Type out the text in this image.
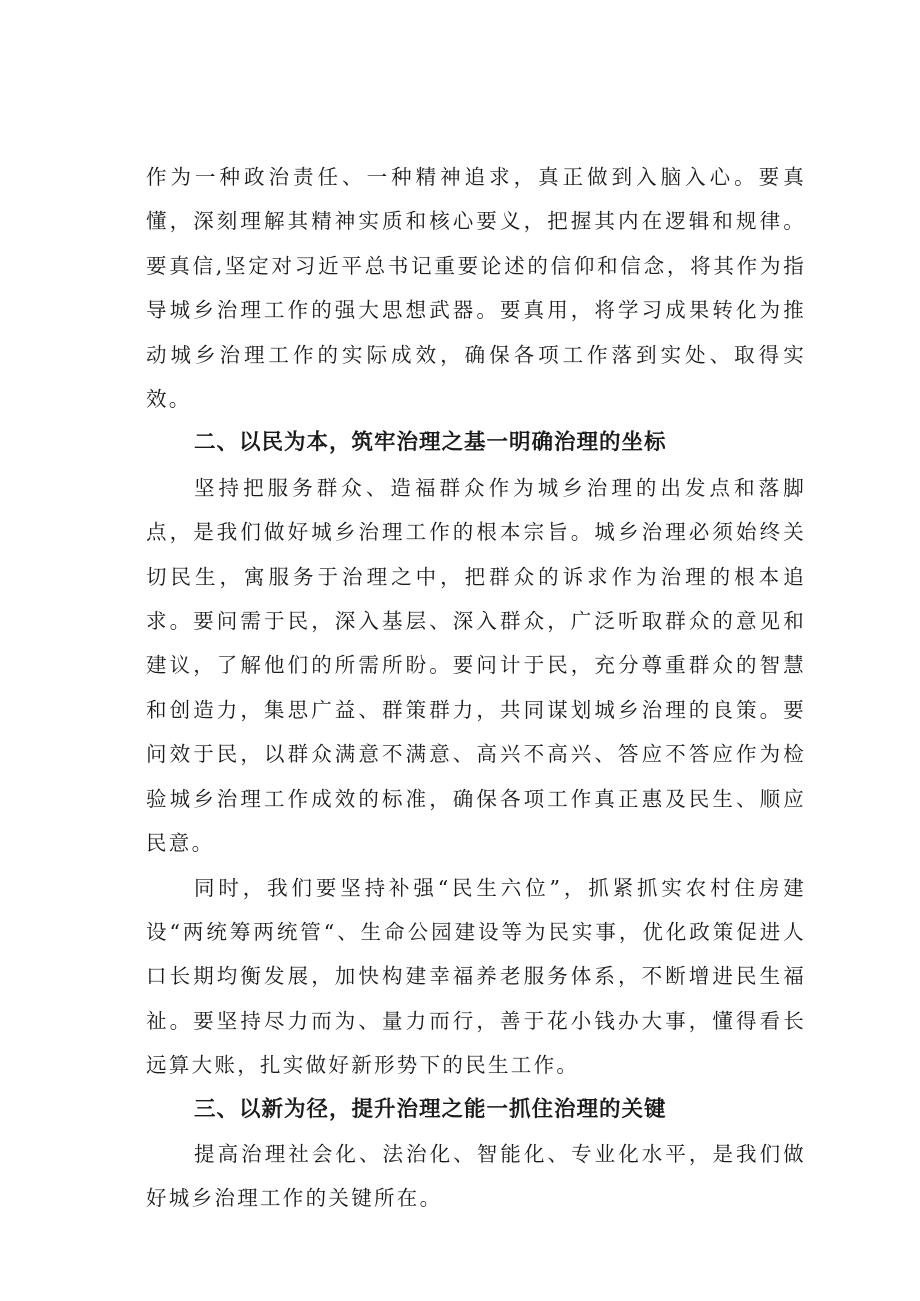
作为一种政治责任、一种精神追求，真正做到入脑入心。要真懂，深刻理解其精神实质和核心要义，把握其内在逻辑和规律。要真信,坚定对习近平总书记重要论述的信仰和信念，将其作为指导城乡治理工作的强大思想武器。要真用，将学习成果转化为推动城乡治理工作的实际成效，确保各项工作落到实处、取得实效。

二、以民为本，筑牢治理之基一明确治理的坐标

坚持把服务群众、造福群众作为城乡治理的出发点和落脚点，是我们做好城乡治理工作的根本宗旨。城乡治理必须始终关切民生，寓服务于治理之中，把群众的诉求作为治理的根本追求。要问需于民，深入基层、深入群众，广泛听取群众的意见和建议，了解他们的所需所盼。要问计于民，充分尊重群众的智慧和创造力，集思广益、群策群力，共同谋划城乡治理的良策。要问效于民，以群众满意不满意、高兴不高兴、答应不答应作为检验城乡治理工作成效的标准，确保各项工作真正惠及民生、顺应民意。

同时，我们要坚持补强“民生六位”，抓紧抓实农村住房建设“两统筹两统管“、生命公园建设等为民实事，优化政策促进人口长期均衡发展，加快构建幸福养老服务体系，不断增进民生福祉。要坚持尽力而为、量力而行，善于花小钱办大事，懂得看长远算大账，扎实做好新形势下的民生工作。

三、以新为径，提升治理之能一抓住治理的关键

提高治理社会化、法治化、智能化、专业化水平，是我们做好城乡治理工作的关键所在。
